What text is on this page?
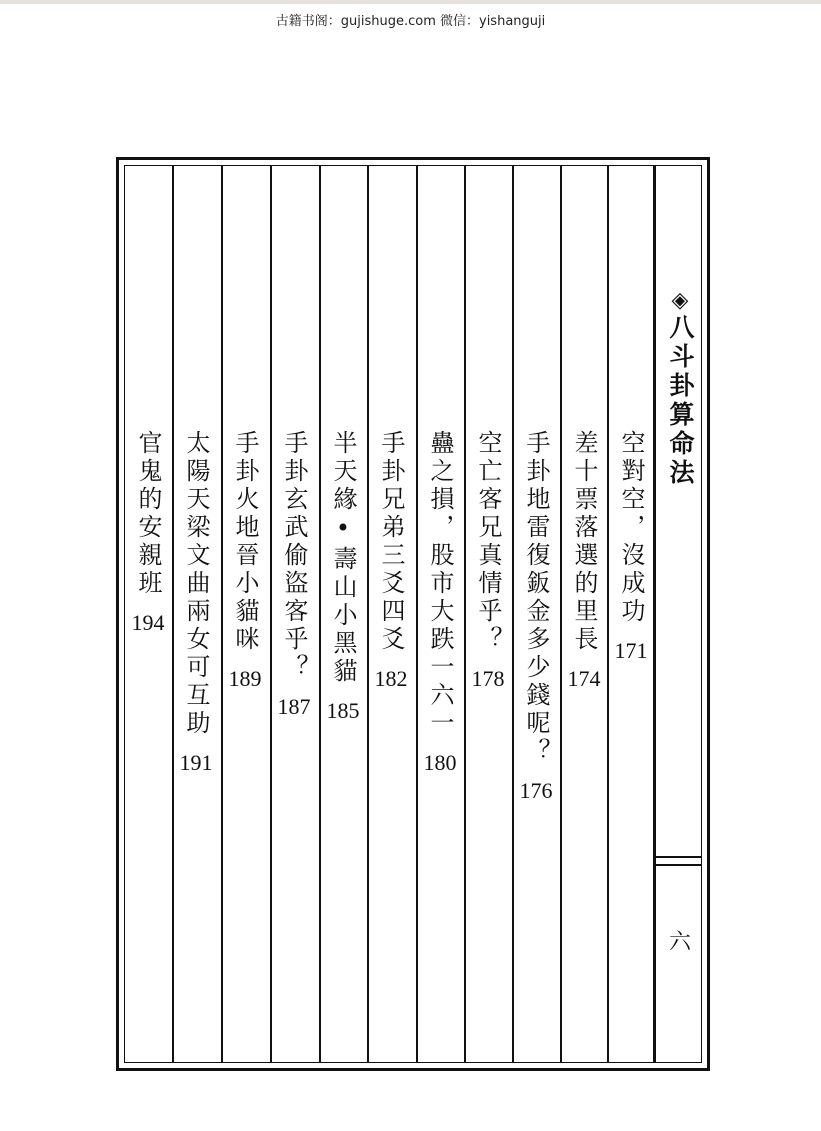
古籍书阁：gujishuge.com 微信：yishanguji
◈
八斗卦算命法
六
空對空，沒成功
171
差十票落選的里長
174
手卦地雷復鈑金多少錢呢？
176
空亡客兄真情乎？
178
蠱之損，股市大跌一六一
180
手卦兄弟三爻四爻
182
半天緣•壽山小黑貓
185
手卦玄武偷盜客乎？
187
手卦火地晉小貓咪
189
太陽天梁文曲兩女可互助
191
官鬼的安親班
194
